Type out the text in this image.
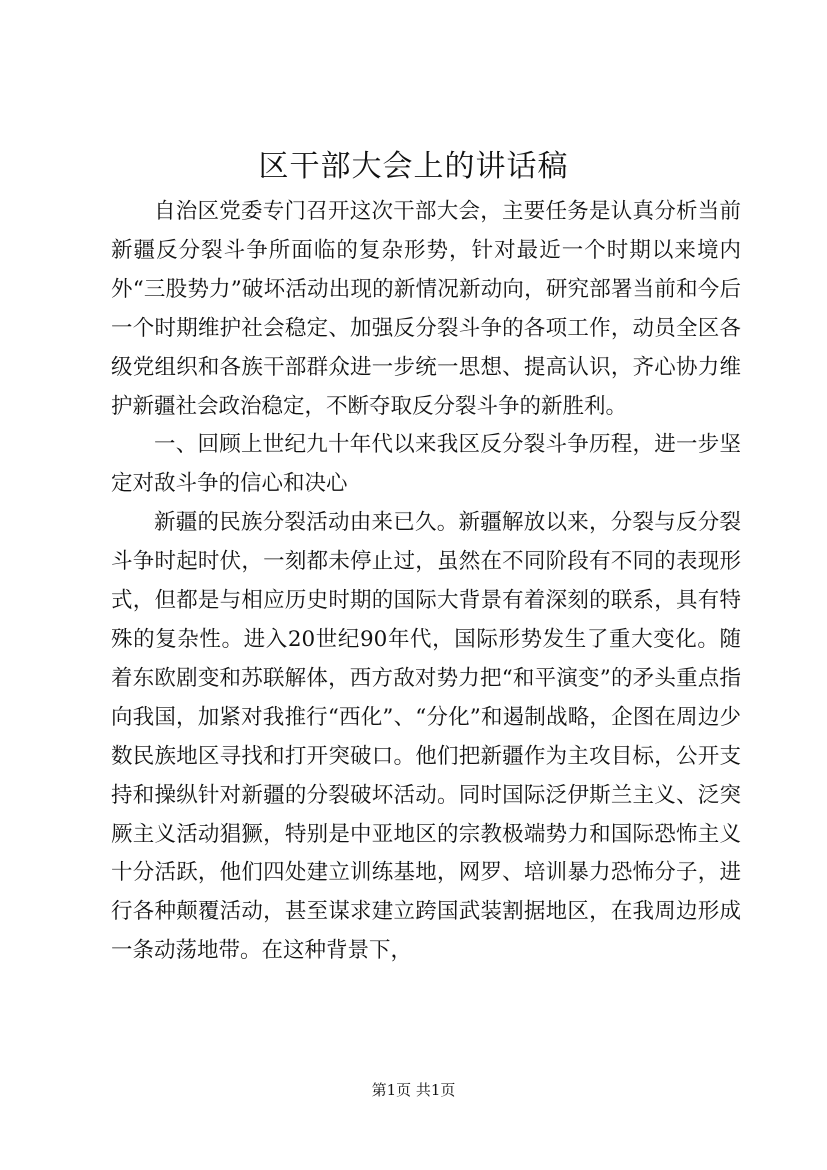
区干部大会上的讲话稿

自治区党委专门召开这次干部大会，主要任务是认真分析当前新疆反分裂斗争所面临的复杂形势，针对最近一个时期以来境内外“三股势力”破坏活动出现的新情况新动向，研究部署当前和今后一个时期维护社会稳定、加强反分裂斗争的各项工作，动员全区各级党组织和各族干部群众进一步统一思想、提高认识，齐心协力维护新疆社会政治稳定，不断夺取反分裂斗争的新胜利。

一、回顾上世纪九十年代以来我区反分裂斗争历程，进一步坚定对敌斗争的信心和决心

新疆的民族分裂活动由来已久。新疆解放以来，分裂与反分裂斗争时起时伏，一刻都未停止过，虽然在不同阶段有不同的表现形式，但都是与相应历史时期的国际大背景有着深刻的联系，具有特殊的复杂性。进入20世纪90年代，国际形势发生了重大变化。随着东欧剧变和苏联解体，西方敌对势力把“和平演变”的矛头重点指向我国，加紧对我推行“西化”、“分化”和遏制战略，企图在周边少数民族地区寻找和打开突破口。他们把新疆作为主攻目标，公开支持和操纵针对新疆的分裂破坏活动。同时国际泛伊斯兰主义、泛突厥主义活动猖獗，特别是中亚地区的宗教极端势力和国际恐怖主义十分活跃，他们四处建立训练基地，网罗、培训暴力恐怖分子，进行各种颠覆活动，甚至谋求建立跨国武装割据地区，在我周边形成一条动荡地带。在这种背景下，

第1页 共1页
